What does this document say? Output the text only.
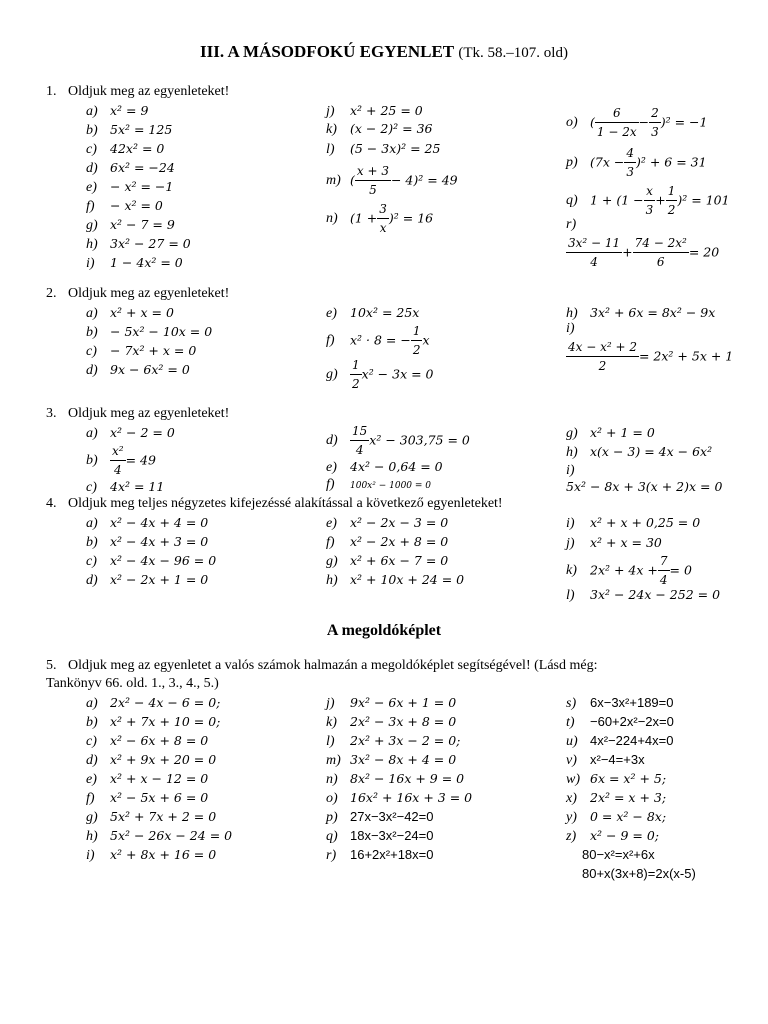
III. A MÁSODFOKÚ EGYENLET (Tk. 58.–107. old)
1. Oldjuk meg az egyenleteket!
2. Oldjuk meg az egyenleteket!
3. Oldjuk meg az egyenleteket!
4. Oldjuk meg teljes négyzetes kifejezéssé alakítással a következő egyenleteket!
5. Oldjuk meg az egyenletet a valós számok halmazán a megoldóképlet segítségével! (Lásd még:
Tankönyv 66. old. 1., 3., 4., 5.)
A megoldóképlet
a) x² = 9
b) 5x² = 125
c) 42x² = 0
d) 6x² = −24
e) − x² = −1
f) − x² = 0
g) x² − 7 = 9
h) 3x² − 27 = 0
i) 1 − 4x² = 0
j) x² + 25 = 0
k) (x − 2)² = 36
l) (5 − 3x)² = 25
m) ( $\frac{x + 3}{5} - 4)^2 = 49$
n) $(1 + \frac{3}{x} )^2 = 16$
o) ( $\frac{6}{1 - 2x} - \frac{2}{3} )^2 = -1$
p) $(7x - \frac{4}{3} )^2 + 6 = 31$
q) $1 + (1 - \frac{x}{3} + \frac{1}{2} )^2 = 101$
r)
$\frac{\text{3x² − 11}}{4} + \frac{\text{74 − 2x²}}{6} = 20$
a) x² + x = 0
b) − 5x² − 10x = 0
c) − 7x² + x = 0
d) 9x − 6x² = 0
e) 10x² = 25x
f) x² · 8 = − $\frac{1}{2}$ x
$g) \frac{1}{2} x^2 - 3x = 0$
h) 3x² + 6x = 8x² − 9x
i)
$\frac{\text{4x − x² + 2}}{2} = 2x^2 + 5x + 1$
a) x² − 2 = 0
$b) \frac{\text{x²}}{4} = 49$
c) 4x² = 11
$d) \frac{15}{4} x^2 - 303,75 = 0$
e) 4x² − 0,64 = 0
f) 100x² − 1000 = 0
g) x² + 1 = 0
h) x(x − 3) = 4x − 6x²
i)
5x² − 8x + 3(x + 2)x = 0
a) x² − 4x + 4 = 0
b) x² − 4x + 3 = 0
c) x² − 4x − 96 = 0
d) x² − 2x + 1 = 0
e) x² − 2x − 3 = 0
f) x² − 2x + 8 = 0
g) x² + 6x − 7 = 0
h) x² + 10x + 24 = 0
i) x² + x + 0,25 = 0
j) x² + x = 30
k) $2x^2 + 4x + \frac{7}{4} = 0$
l) 3x² − 24x − 252 = 0
a) 2x² − 4x − 6 = 0;
b) x² + 7x + 10 = 0;
c) x² − 6x + 8 = 0
d) x² + 9x + 20 = 0
e) x² + x − 12 = 0
f) x² − 5x + 6 = 0
g) 5x² + 7x + 2 = 0
h) 5x² − 26x − 24 = 0
i) x² + 8x + 16 = 0
j) 9x² − 6x + 1 = 0
k) 2x² − 3x + 8 = 0
l) 2x² + 3x − 2 = 0;
m) 3x² − 8x + 4 = 0
n) 8x² − 16x + 9 = 0
o) 16x² + 16x + 3 = 0
p) 27x−3x²−42=0
q) 18x−3x²−24=0
r) 16+2x²+18x=0
s) 6x−3x²+189=0
t) −60+2x²−2x=0
u) 4x²−224+4x=0
v) x²−4=+3x
w) 6x = x² + 5;
x) 2x² = x + 3;
y) 0 = x² − 8x;
z) x² − 9 = 0;
80−x²=x²+6x
80+x(3x+8)=2x(x-5)
